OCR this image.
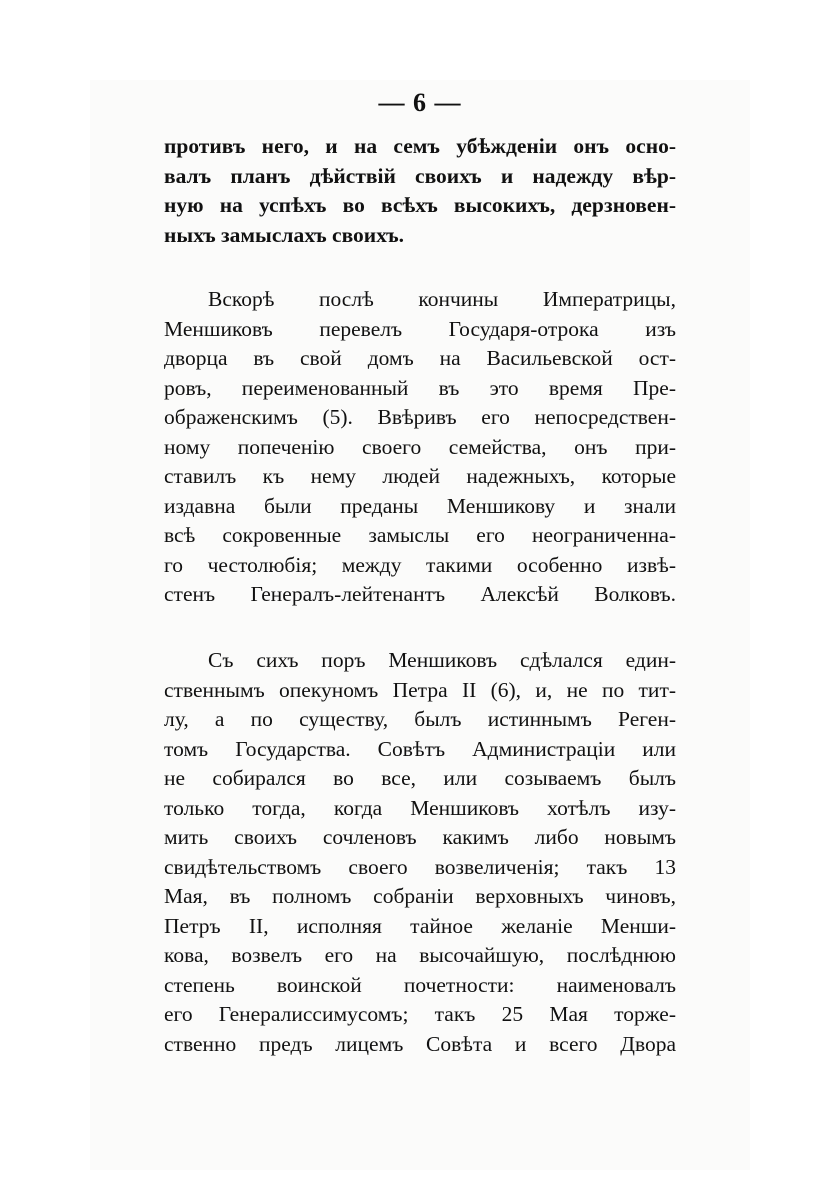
— 6 —
противъ него, и на семъ убѣжденіи онъ осно-
валъ планъ дѣйствій своихъ и надежду вѣр-
ную на успѣхъ во всѣхъ высокихъ, дерзновен-
ныхъ замыслахъ своихъ.
Вскорѣ послѣ кончины Императрицы,
Меншиковъ перевелъ Государя-отрока изъ
дворца въ свой домъ на Васильевской ост-
ровъ, переименованный въ это время Пре-
ображенскимъ (5). Ввѣривъ его непосредствен-
ному попеченію своего семейства, онъ при-
ставилъ къ нему людей надежныхъ, которые
издавна были преданы Меншикову и знали
всѣ сокровенные замыслы его неограниченна-
го честолюбія; между такими особенно извѣ-
стенъ Генералъ-лейтенантъ Алексѣй Волковъ.
Съ сихъ поръ Меншиковъ сдѣлался един-
ственнымъ опекуномъ Петра II (6), и, не по тит-
лу, а по существу, былъ истиннымъ Реген-
томъ Государства. Совѣтъ Администраціи или
не собирался во все, или созываемъ былъ
только тогда, когда Меншиковъ хотѣлъ изу-
мить своихъ сочленовъ какимъ либо новымъ
свидѣтельствомъ своего возвеличенія; такъ 13
Мая, въ полномъ собраніи верховныхъ чиновъ,
Петръ II, исполняя тайное желаніе Менши-
кова, возвелъ его на высочайшую, послѣднюю
степень воинской почетности: наименовалъ
его Генералиссимусомъ; такъ 25 Мая торже-
ственно предъ лицемъ Совѣта и всего Двора
